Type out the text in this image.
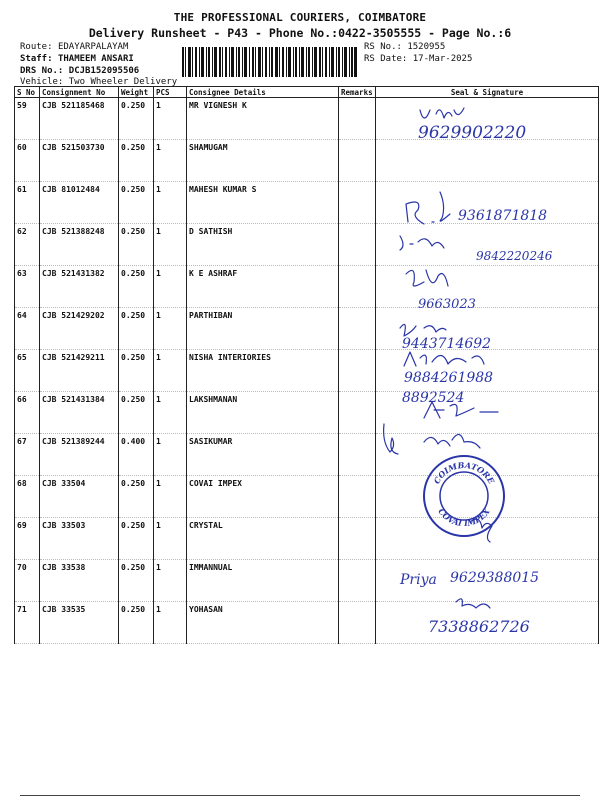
THE PROFESSIONAL COURIERS, COIMBATORE
Delivery Runsheet - P43 - Phone No.:0422-3505555 - Page No.:6
Route: EDAYARPALAYAM
Staff: THAMEEM ANSARI
DRS No.: DCJB152095506
Vehicle: Two Wheeler Delivery
RS No.: 1520955
RS Date: 17-Mar-2025
S No	Consignment No	Weight	PCS	Consignee Details	Remarks	Seal & Signature
59	CJB 521185468	0.250	1	MR VIGNESH K		
60	CJB 521503730	0.250	1	SHAMUGAM		
61	CJB 81012484	0.250	1	MAHESH KUMAR S		
62	CJB 521388248	0.250	1	D SATHISH		
63	CJB 521431382	0.250	1	K E ASHRAF		
64	CJB 521429202	0.250	1	PARTHIBAN		
65	CJB 521429211	0.250	1	NISHA INTERIORIES		
66	CJB 521431384	0.250	1	LAKSHMANAN		
67	CJB 521389244	0.400	1	SASIKUMAR		
68	CJB 33504	0.250	1	COVAI IMPEX		
69	CJB 33503	0.250	1	CRYSTAL		
70	CJB 33538	0.250	1	IMMANNUAL		
71	CJB 33535	0.250	1	YOHASAN		
9629902220
9361871818
9842220246
9663023
9443714692
9884261988
8892524
Priya 9629388015
7338862726
COIMBATORE
COVAI IMPEX
